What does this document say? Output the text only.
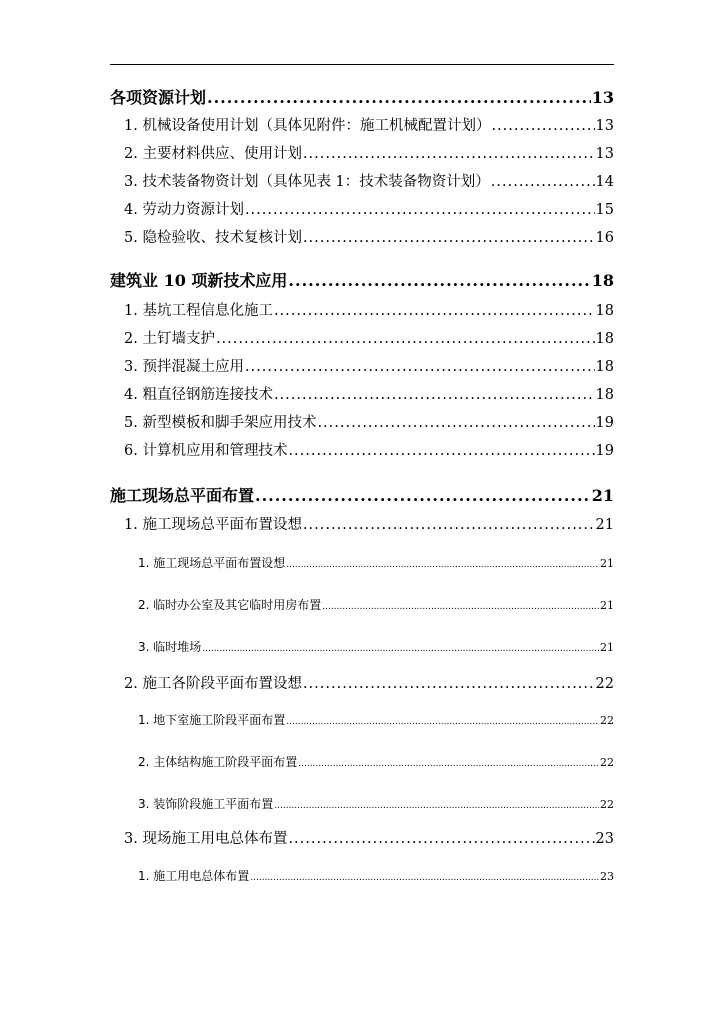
各项资源计划 .....	13
1. 机械设备使用计划（具体见附件：施工机械配置计划） .....	13
2. 主要材料供应、使用计划 .....	13
3. 技术装备物资计划（具体见表 1：技术装备物资计划） .....	14
4. 劳动力资源计划 .....	15
5. 隐检验收、技术复核计划 .....	16
建筑业 10 项新技术应用 .....	18
1. 基坑工程信息化施工 .....	18
2. 土钉墙支护 .....	18
3. 预拌混凝土应用 .....	18
4. 粗直径钢筋连接技术 .....	18
5. 新型模板和脚手架应用技术 .....	19
6. 计算机应用和管理技术 .....	19
施工现场总平面布置 .....	21
1. 施工现场总平面布置设想 .....	21
1. 施工现场总平面布置设想 .....	21
2. 临时办公室及其它临时用房布置 .....	21
3. 临时堆场 .....	21
2. 施工各阶段平面布置设想 .....	22
1. 地下室施工阶段平面布置 .....	22
2. 主体结构施工阶段平面布置 .....	22
3. 装饰阶段施工平面布置 .....	22
3. 现场施工用电总体布置 .....	23
1. 施工用电总体布置 .....	23
